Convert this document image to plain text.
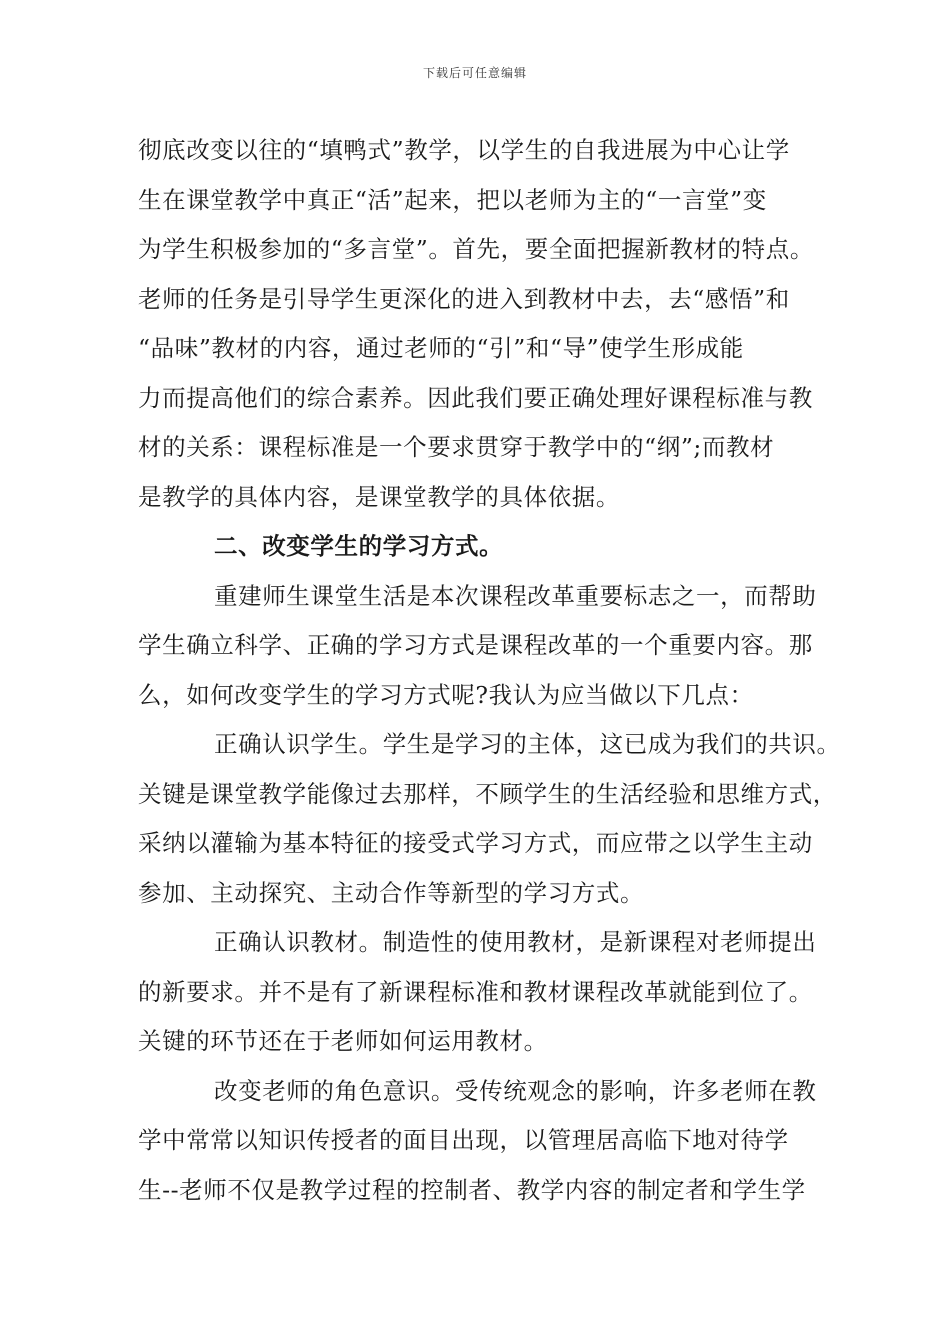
下载后可任意编辑
彻底改变以往的“填鸭式”教学，以学生的自我进展为中心让学
生在课堂教学中真正“活”起来，把以老师为主的“一言堂”变
为学生积极参加的“多言堂”。首先，要全面把握新教材的特点。
老师的任务是引导学生更深化的进入到教材中去，去“感悟”和
“品味”教材的内容，通过老师的“引”和“导”使学生形成能
力而提高他们的综合素养。因此我们要正确处理好课程标准与教
材的关系：课程标准是一个要求贯穿于教学中的“纲”;而教材
是教学的具体内容，是课堂教学的具体依据。
二、改变学生的学习方式。
重建师生课堂生活是本次课程改革重要标志之一，而帮助
学生确立科学、正确的学习方式是课程改革的一个重要内容。那
么，如何改变学生的学习方式呢?我认为应当做以下几点：
正确认识学生。学生是学习的主体，这已成为我们的共识。
关键是课堂教学能像过去那样，不顾学生的生活经验和思维方式，
采纳以灌输为基本特征的接受式学习方式，而应带之以学生主动
参加、主动探究、主动合作等新型的学习方式。
正确认识教材。制造性的使用教材，是新课程对老师提出
的新要求。并不是有了新课程标准和教材课程改革就能到位了。
关键的环节还在于老师如何运用教材。
改变老师的角色意识。受传统观念的影响，许多老师在教
学中常常以知识传授者的面目出现，以管理居高临下地对待学
生--老师不仅是教学过程的控制者、教学内容的制定者和学生学
